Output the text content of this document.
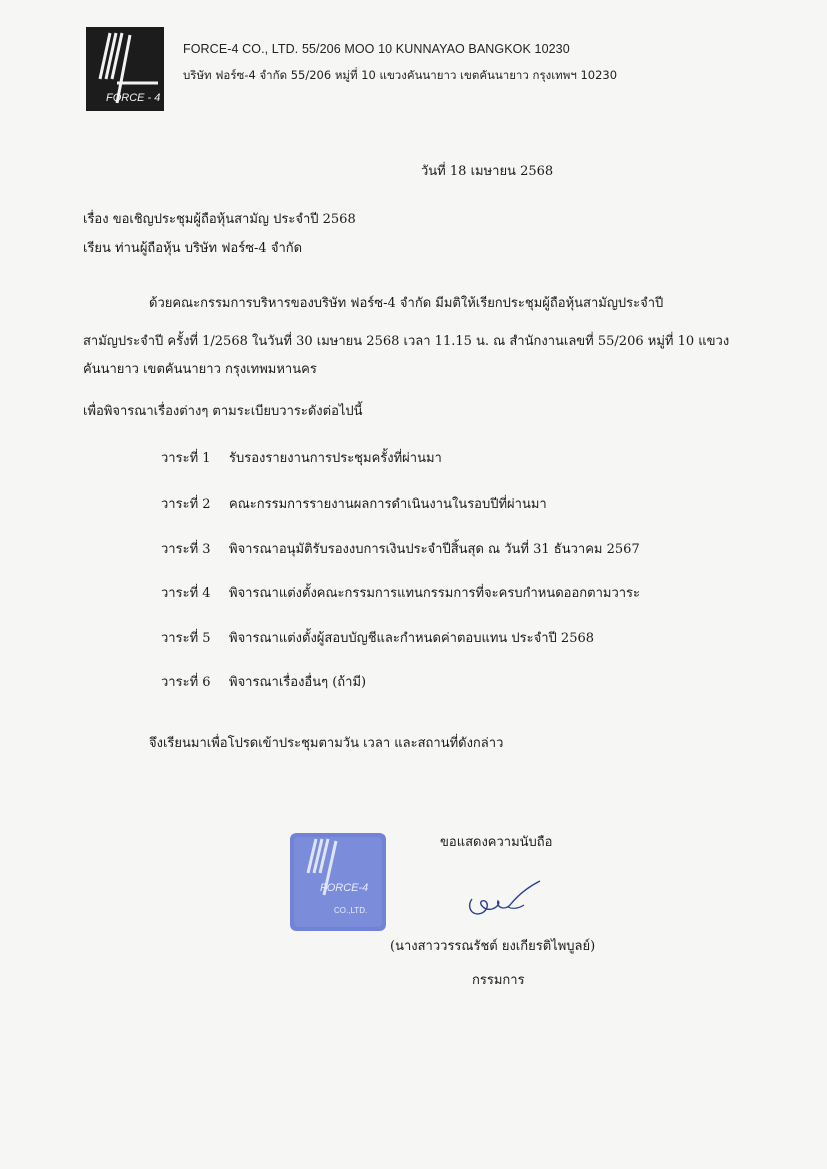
FORCE - 4
FORCE-4 CO., LTD. 55/206 MOO 10 KUNNAYAO BANGKOK 10230
บริษัท ฟอร์ซ-4 จำกัด 55/206 หมู่ที่ 10 แขวงคันนายาว เขตคันนายาว กรุงเทพฯ 10230
วันที่ 18 เมษายน 2568
เรื่อง ขอเชิญประชุมผู้ถือหุ้นสามัญ ประจำปี 2568
เรียน ท่านผู้ถือหุ้น บริษัท ฟอร์ซ-4 จำกัด
ด้วยคณะกรรมการบริหารของบริษัท ฟอร์ซ-4 จำกัด มีมติให้เรียกประชุมผู้ถือหุ้นสามัญประจำปี
สามัญประจำปี ครั้งที่ 1/2568 ในวันที่ 30 เมษายน 2568 เวลา 11.15 น. ณ สำนักงานเลขที่ 55/206 หมู่ที่ 10 แขวง
คันนายาว เขตคันนายาว กรุงเทพมหานคร
เพื่อพิจารณาเรื่องต่างๆ ตามระเบียบวาระดังต่อไปนี้
วาระที่ 1 รับรองรายงานการประชุมครั้งที่ผ่านมา
วาระที่ 2 คณะกรรมการรายงานผลการดำเนินงานในรอบปีที่ผ่านมา
วาระที่ 3 พิจารณาอนุมัติรับรองงบการเงินประจำปีสิ้นสุด ณ วันที่ 31 ธันวาคม 2567
วาระที่ 4 พิจารณาแต่งตั้งคณะกรรมการแทนกรรมการที่จะครบกำหนดออกตามวาระ
วาระที่ 5 พิจารณาแต่งตั้งผู้สอบบัญชีและกำหนดค่าตอบแทน ประจำปี 2568
วาระที่ 6 พิจารณาเรื่องอื่นๆ (ถ้ามี)
จึงเรียนมาเพื่อโปรดเข้าประชุมตามวัน เวลา และสถานที่ดังกล่าว
FORCE-4
CO.,LTD.
ขอแสดงความนับถือ
(นางสาววรรณรัชต์ ยงเกียรติไพบูลย์)
กรรมการ
